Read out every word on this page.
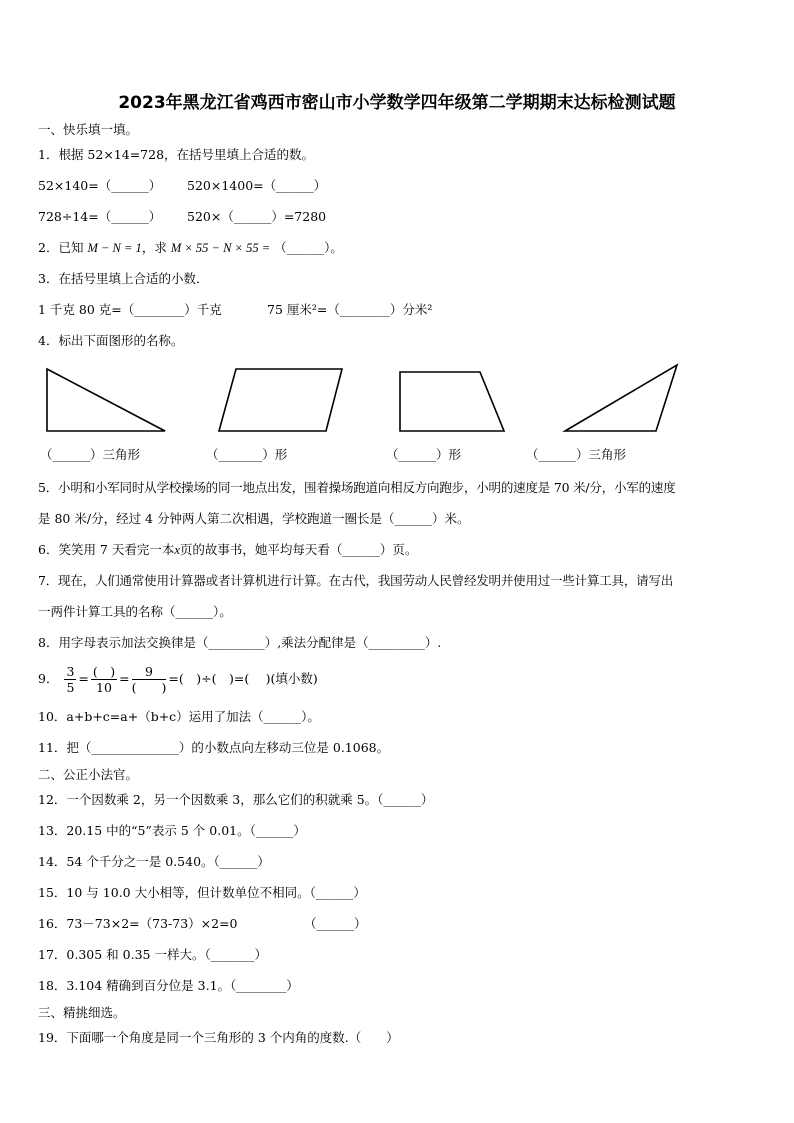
2023年黑龙江省鸡西市密山市小学数学四年级第二学期期末达标检测试题
一、快乐填一填。
1．根据 52×14=728，在括号里填上合适的数。
52×140=（______） 520×1400=（______）
728÷14=（______） 520×（______）=7280
2．已知 M − N = 1，求 M × 55 − N × 55 = （______）。
3．在括号里填上合适的小数．
1 千克 80 克=（________）千克	75 厘米²=（________）分米²
4．标出下面图形的名称。
（______）三角形	（_______）形	（______）形	（______）三角形
5．小明和小军同时从学校操场的同一地点出发，围着操场跑道向相反方向跑步，小明的速度是 70 米/分，小军的速度
是 80 米/分，经过 4 分钟两人第二次相遇，学校跑道一圈长是（______）米。
6．笑笑用 7 天看完一本x页的故事书，她平均每天看（______）页。
7．现在，人们通常使用计算器或者计算机进行计算。在古代，我国劳动人民曾经发明并使用过一些计算工具，请写出
一两件计算工具的名称（______）。
8．用字母表示加法交换律是（_________）,乘法分配律是（_________）.
9． $\frac{3}{5} = \frac{( )}{10} = \frac{9}{( )}$ =(　)÷(　)=(　 )(填小数)
10．a+b+c=a+（b+c）运用了加法（______）。
11．把（______________）的小数点向左移动三位是 0.1068。
二、公正小法官。
12．一个因数乘 2，另一个因数乘 3，那么它们的积就乘 5。（______）
13．20.15 中的“5”表示 5 个 0.01。（______）
14．54 个千分之一是 0.540。（______）
15．10 与 10.0 大小相等，但计数单位不相同。（______）
16．73－73×2=（73-73）×2=0	（______）
17．0.305 和 0.35 一样大。（_______）
18．3.104 精确到百分位是 3.1。（________）
三、精挑细选。
19．下面哪一个角度是同一个三角形的 3 个内角的度数.（　　）
